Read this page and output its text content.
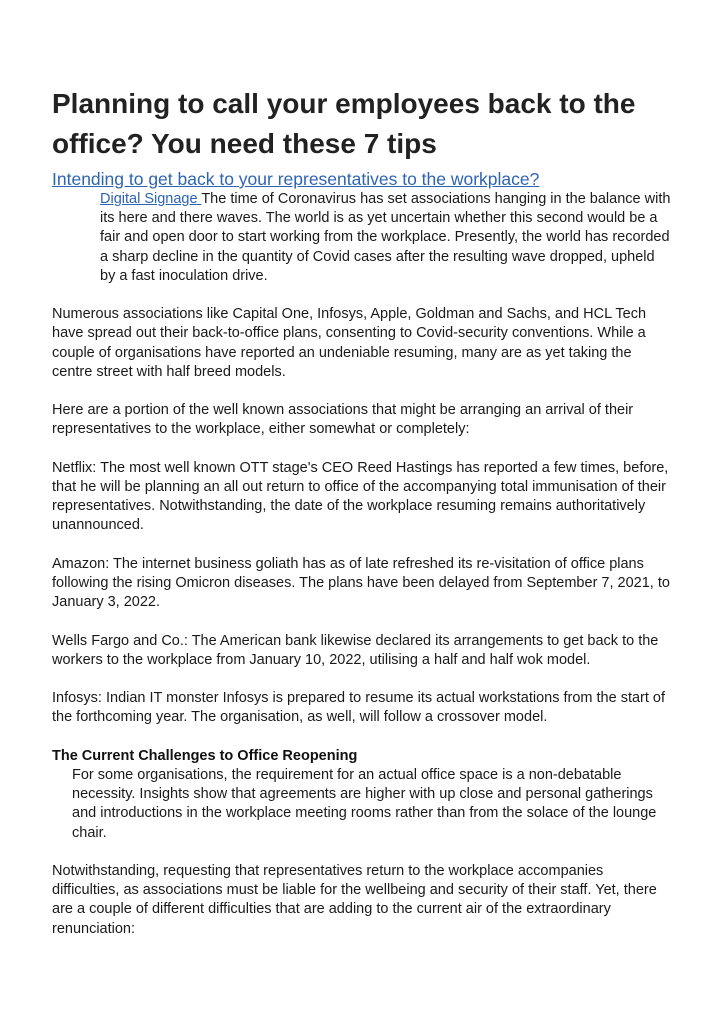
Planning to call your employees back to the office? You need these 7 tips
Intending to get back to your representatives to the workplace?

Digital Signage The time of Coronavirus has set associations hanging in the balance with its here and there waves. The world is as yet uncertain whether this second would be a fair and open door to start working from the workplace. Presently, the world has recorded a sharp decline in the quantity of Covid cases after the resulting wave dropped, upheld by a fast inoculation drive.

Numerous associations like Capital One, Infosys, Apple, Goldman and Sachs, and HCL Tech have spread out their back-to-office plans, consenting to Covid-security conventions. While a couple of organisations have reported an undeniable resuming, many are as yet taking the centre street with half breed models.

Here are a portion of the well known associations that might be arranging an arrival of their representatives to the workplace, either somewhat or completely:

Netflix: The most well known OTT stage's CEO Reed Hastings has reported a few times, before, that he will be planning an all out return to office of the accompanying total immunisation of their representatives. Notwithstanding, the date of the workplace resuming remains authoritatively unannounced.

Amazon: The internet business goliath has as of late refreshed its re-visitation of office plans following the rising Omicron diseases. The plans have been delayed from September 7, 2021, to January 3, 2022.

Wells Fargo and Co.: The American bank likewise declared its arrangements to get back to the workers to the workplace from January 10, 2022, utilising a half and half wok model.

Infosys: Indian IT monster Infosys is prepared to resume its actual workstations from the start of the forthcoming year. The organisation, as well, will follow a crossover model.

The Current Challenges to Office Reopening

For some organisations, the requirement for an actual office space is a non-debatable necessity. Insights show that agreements are higher with up close and personal gatherings and introductions in the workplace meeting rooms rather than from the solace of the lounge chair.

Notwithstanding, requesting that representatives return to the workplace accompanies difficulties, as associations must be liable for the wellbeing and security of their staff. Yet, there are a couple of different difficulties that are adding to the current air of the extraordinary renunciation:
